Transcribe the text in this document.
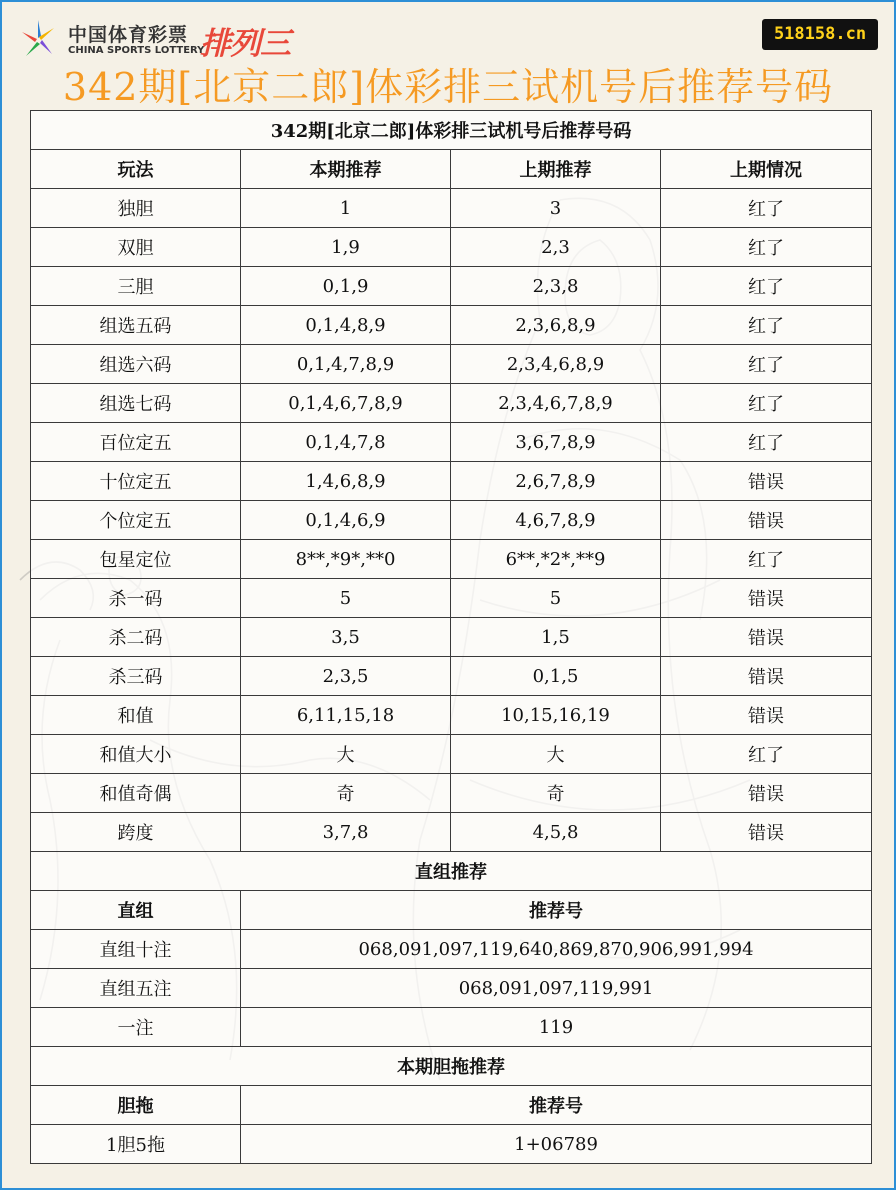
中国体育彩票
CHINA SPORTS LOTTERY
排列三	518158.cn
342期[北京二郎]体彩排三试机号后推荐号码
342期[北京二郎]体彩排三试机号后推荐号码			
玩法	本期推荐	上期推荐	上期情况
独胆	1	3	红了
双胆	1,9	2,3	红了
三胆	0,1,9	2,3,8	红了
组选五码	0,1,4,8,9	2,3,6,8,9	红了
组选六码	0,1,4,7,8,9	2,3,4,6,8,9	红了
组选七码	0,1,4,6,7,8,9	2,3,4,6,7,8,9	红了
百位定五	0,1,4,7,8	3,6,7,8,9	红了
十位定五	1,4,6,8,9	2,6,7,8,9	错误
个位定五	0,1,4,6,9	4,6,7,8,9	错误
包星定位	8**,*9*,**0	6**,*2*,**9	红了
杀一码	5	5	错误
杀二码	3,5	1,5	错误
杀三码	2,3,5	0,1,5	错误
和值	6,11,15,18	10,15,16,19	错误
和值大小	大	大	红了
和值奇偶	奇	奇	错误
跨度	3,7,8	4,5,8	错误
直组推荐			
直组	推荐号		
直组十注	068,091,097,119,640,869,870,906,991,994		
直组五注	068,091,097,119,991		
一注	119		
本期胆拖推荐			
胆拖	推荐号		
1胆5拖	1+06789		
